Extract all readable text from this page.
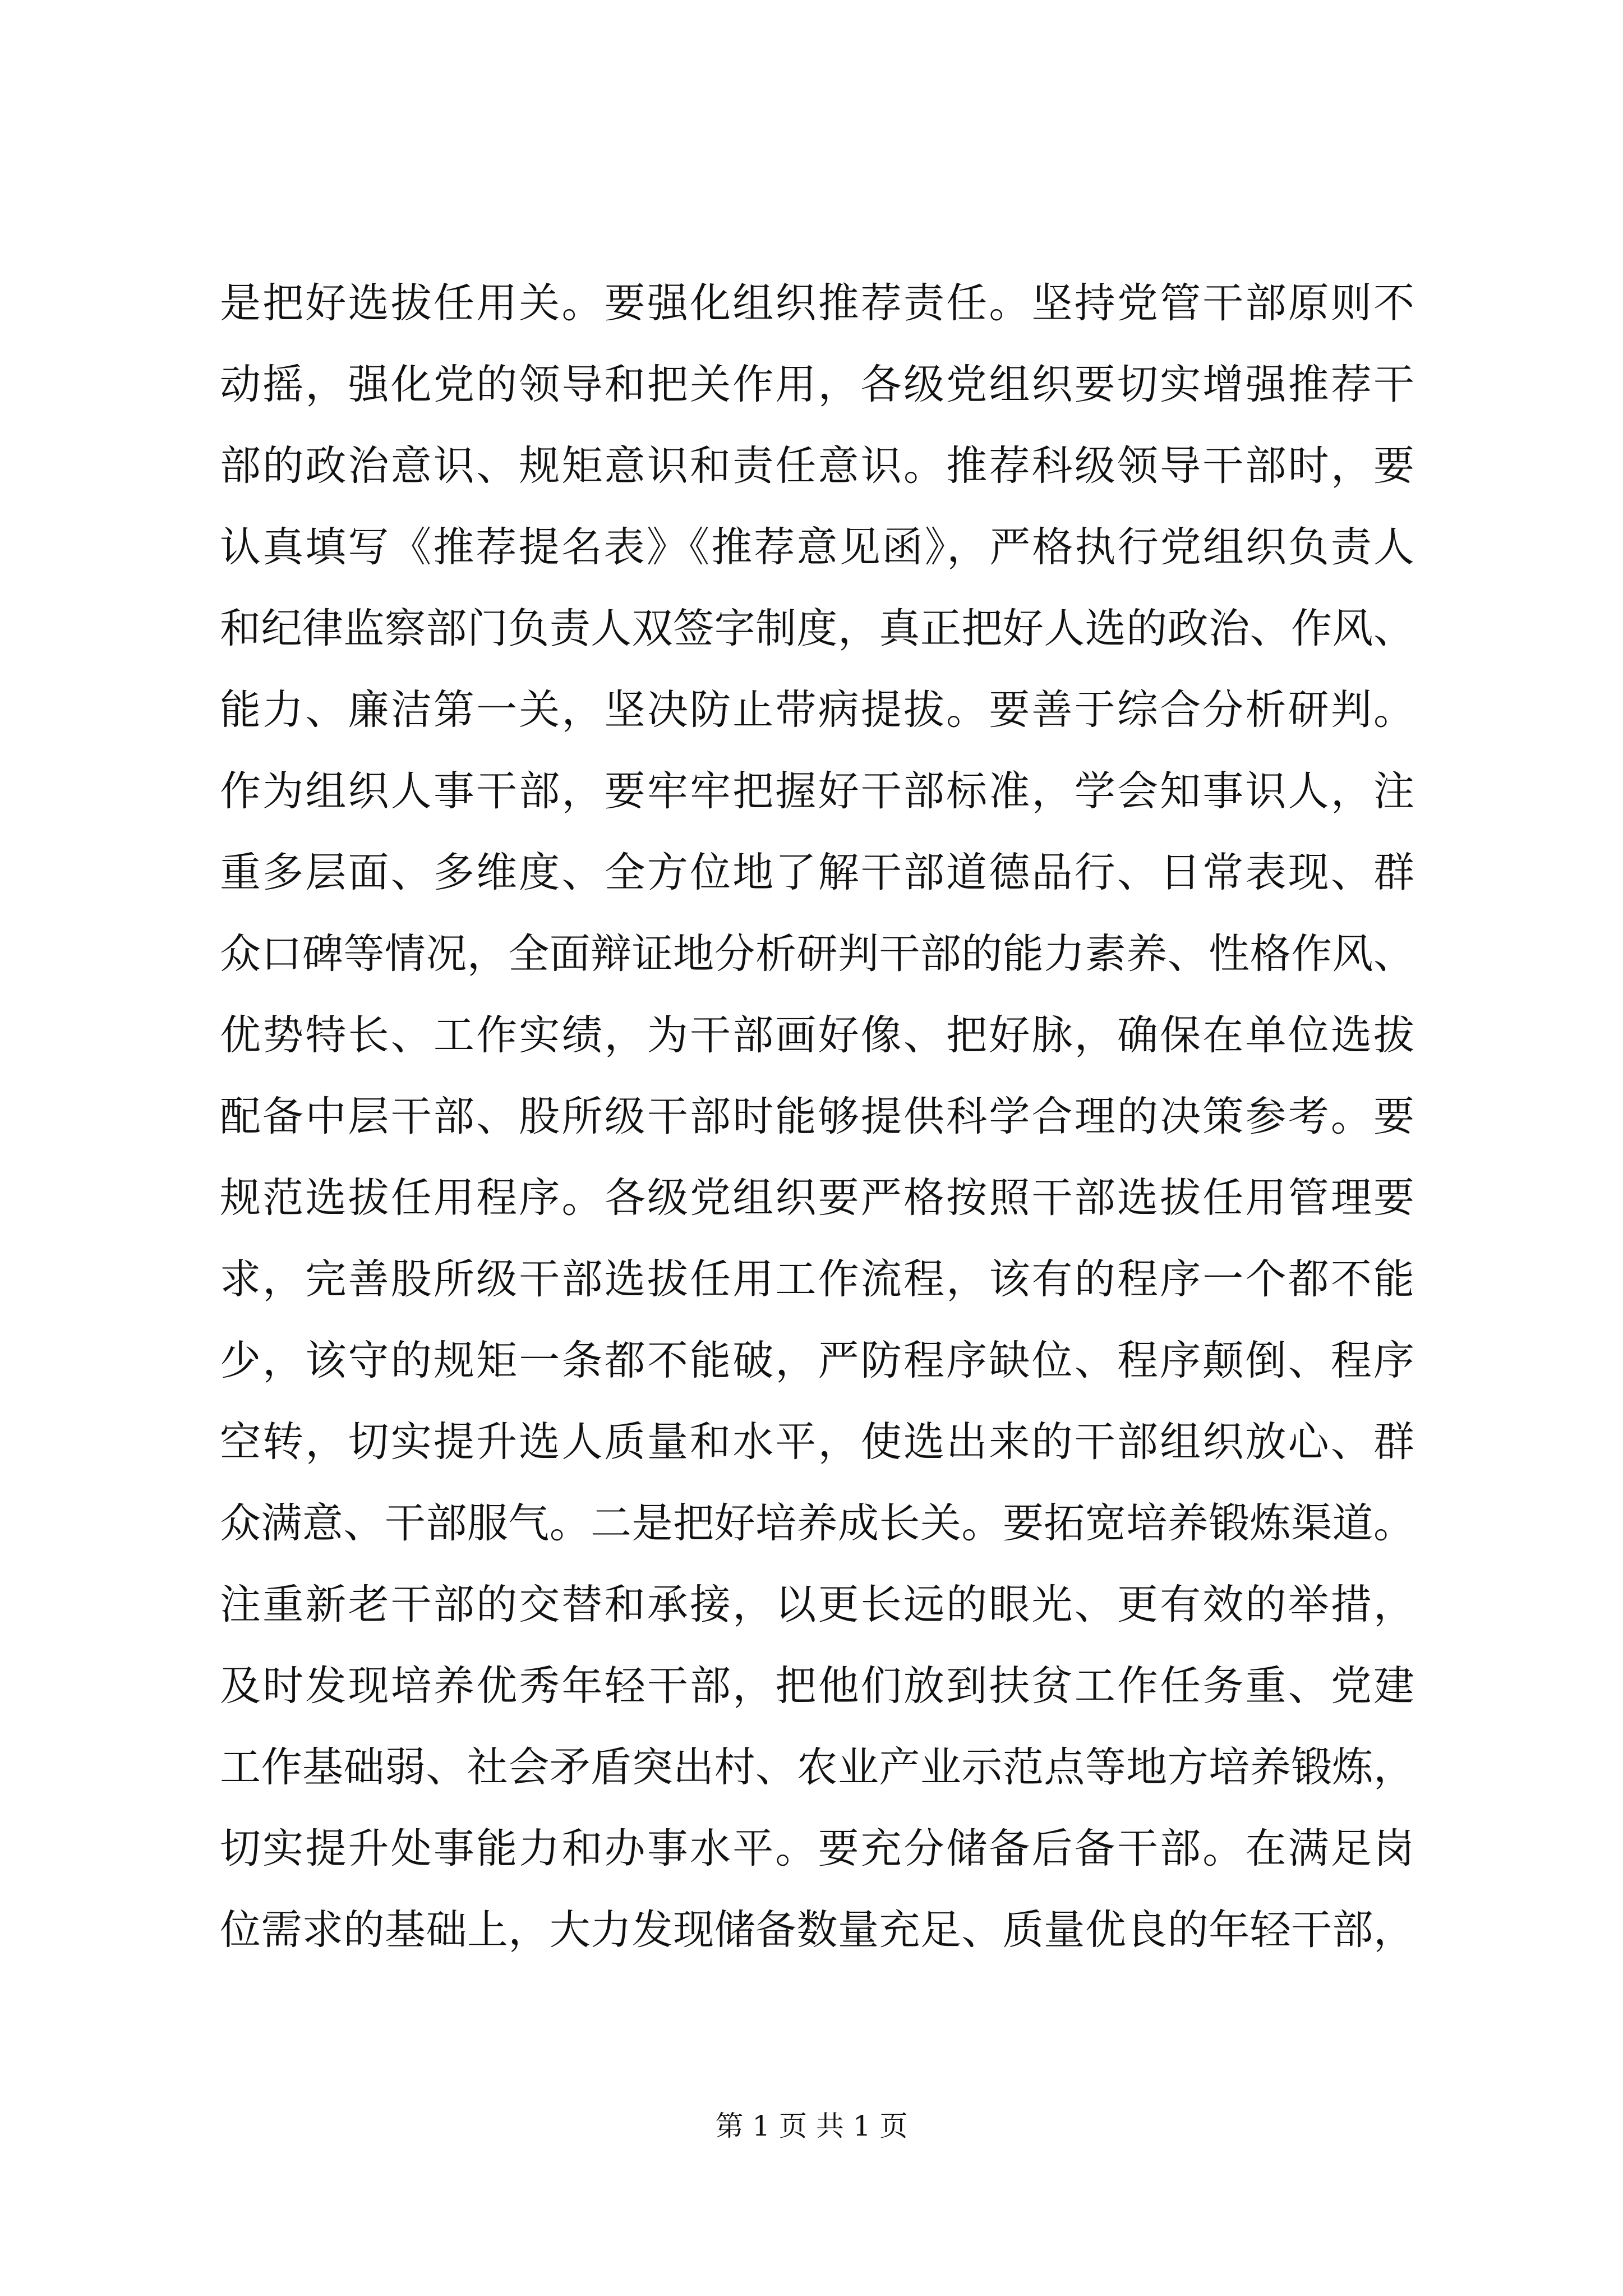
是把好选拔任用关。要强化组织推荐责任。坚持党管干部原则不
动摇，强化党的领导和把关作用，各级党组织要切实增强推荐干
部的政治意识、规矩意识和责任意识。推荐科级领导干部时，要
认真填写《推荐提名表》《推荐意见函》，严格执行党组织负责人
和纪律监察部门负责人双签字制度，真正把好人选的政治、作风、
能力、廉洁第一关，坚决防止带病提拔。要善于综合分析研判。
作为组织人事干部，要牢牢把握好干部标准，学会知事识人，注
重多层面、多维度、全方位地了解干部道德品行、日常表现、群
众口碑等情况，全面辩证地分析研判干部的能力素养、性格作风、
优势特长、工作实绩，为干部画好像、把好脉，确保在单位选拔
配备中层干部、股所级干部时能够提供科学合理的决策参考。要
规范选拔任用程序。各级党组织要严格按照干部选拔任用管理要
求，完善股所级干部选拔任用工作流程，该有的程序一个都不能
少，该守的规矩一条都不能破，严防程序缺位、程序颠倒、程序
空转，切实提升选人质量和水平，使选出来的干部组织放心、群
众满意、干部服气。二是把好培养成长关。要拓宽培养锻炼渠道。
注重新老干部的交替和承接，以更长远的眼光、更有效的举措，
及时发现培养优秀年轻干部，把他们放到扶贫工作任务重、党建
工作基础弱、社会矛盾突出村、农业产业示范点等地方培养锻炼，
切实提升处事能力和办事水平。要充分储备后备干部。在满足岗
位需求的基础上，大力发现储备数量充足、质量优良的年轻干部，
第 1 页 共 1 页
